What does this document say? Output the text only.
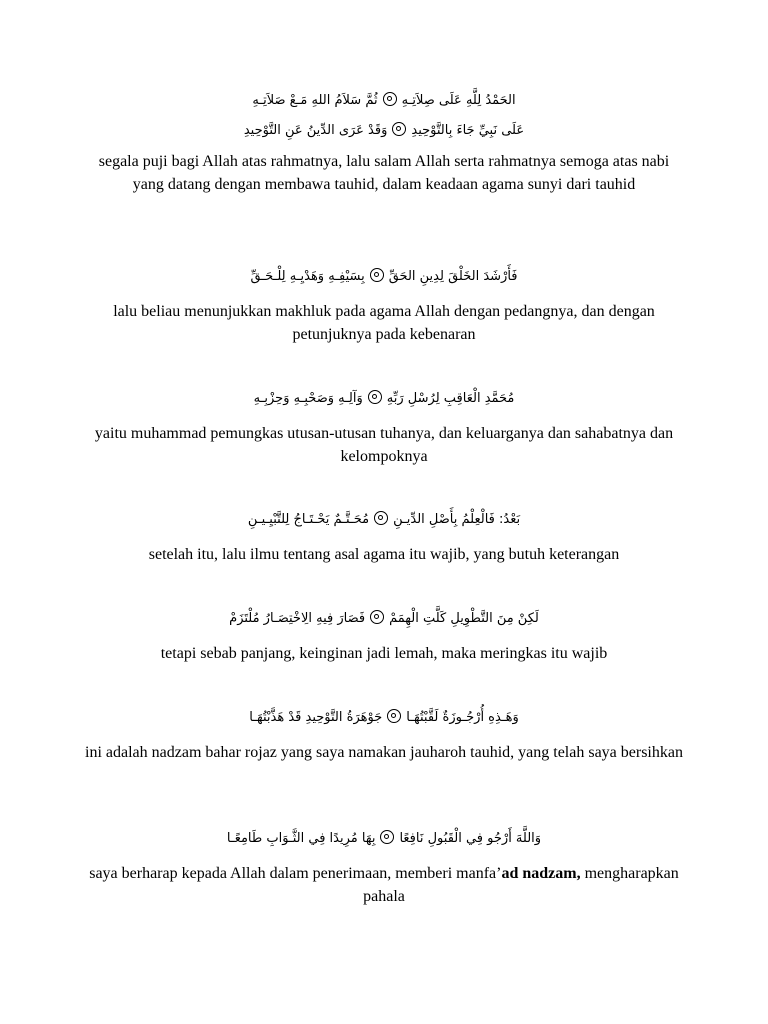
الحَمْدُ لِلَّهِ عَلَى صِلاَتِـهِثُمَّ سَلاَمُ اللهِ مَـعْ صَلاَتِـهِ
عَلَى نَبِيِّ جَاءَ بِالتَّوْحِيدِوَقَدْ عَرَى الدِّينُ عَنِ التَّوْحِيدِ
segala puji bagi Allah atas rahmatnya, lalu salam Allah serta rahmatnya semoga atas nabi yang datang dengan membawa tauhid, dalam keadaan agama sunyi dari tauhid
فَأَرْشَدَ الخَلْقَ لِدِينِ الحَقِّبِسَيْفِـهِ وَهَدْيِـهِ لِلْـحَـقِّ
lalu beliau menunjukkan makhluk pada agama Allah dengan pedangnya, dan dengan petunjuknya pada kebenaran
مُحَمَّدِ الْعَاقِبِ لِرُسْلِ رَبِّهِوَآلِـهِ وَصَحْبِـهِ وَحِزْبِـهِ
yaitu muhammad pemungkas utusan-utusan tuhanya, dan keluarganya dan sahabatnya dan kelompoknya
بَعْدُ: فَالْعِلْمُ بِأَصْلِ الدِّيـنِمُحَـتَّـمٌ يَحْـتَـاجُ لِلتَّبْيِـيـنِ
setelah itu, lalu ilmu tentang asal agama itu wajib, yang butuh keterangan
لَكِنْ مِنَ التَّطْوِيلِ كَلَّتِ الْهِمَمْفَصَارَ فِيهِ الِاخْتِصَـارُ مُلْتَزَمْ
tetapi sebab panjang, keinginan jadi lemah, maka meringkas itu wajib
وَهَـذِهِ أُرْجُـوزَةٌ لَقَّبْتُهَـاجَوْهَرَةُ التَّوْحِيدِ قَدْ هَذَّبْتُهَـا
ini adalah nadzam bahar rojaz yang saya namakan jauharoh tauhid, yang telah saya bersihkan
وَاللَّهَ أَرْجُو فِي الْقَبُولِ نَافِعًابِهَا مُرِيدًا فِي الثَّـوَابِ طَامِعًـا
saya berharap kepada Allah dalam penerimaan, memberi manfa’ad nadzam, mengharapkan pahala
